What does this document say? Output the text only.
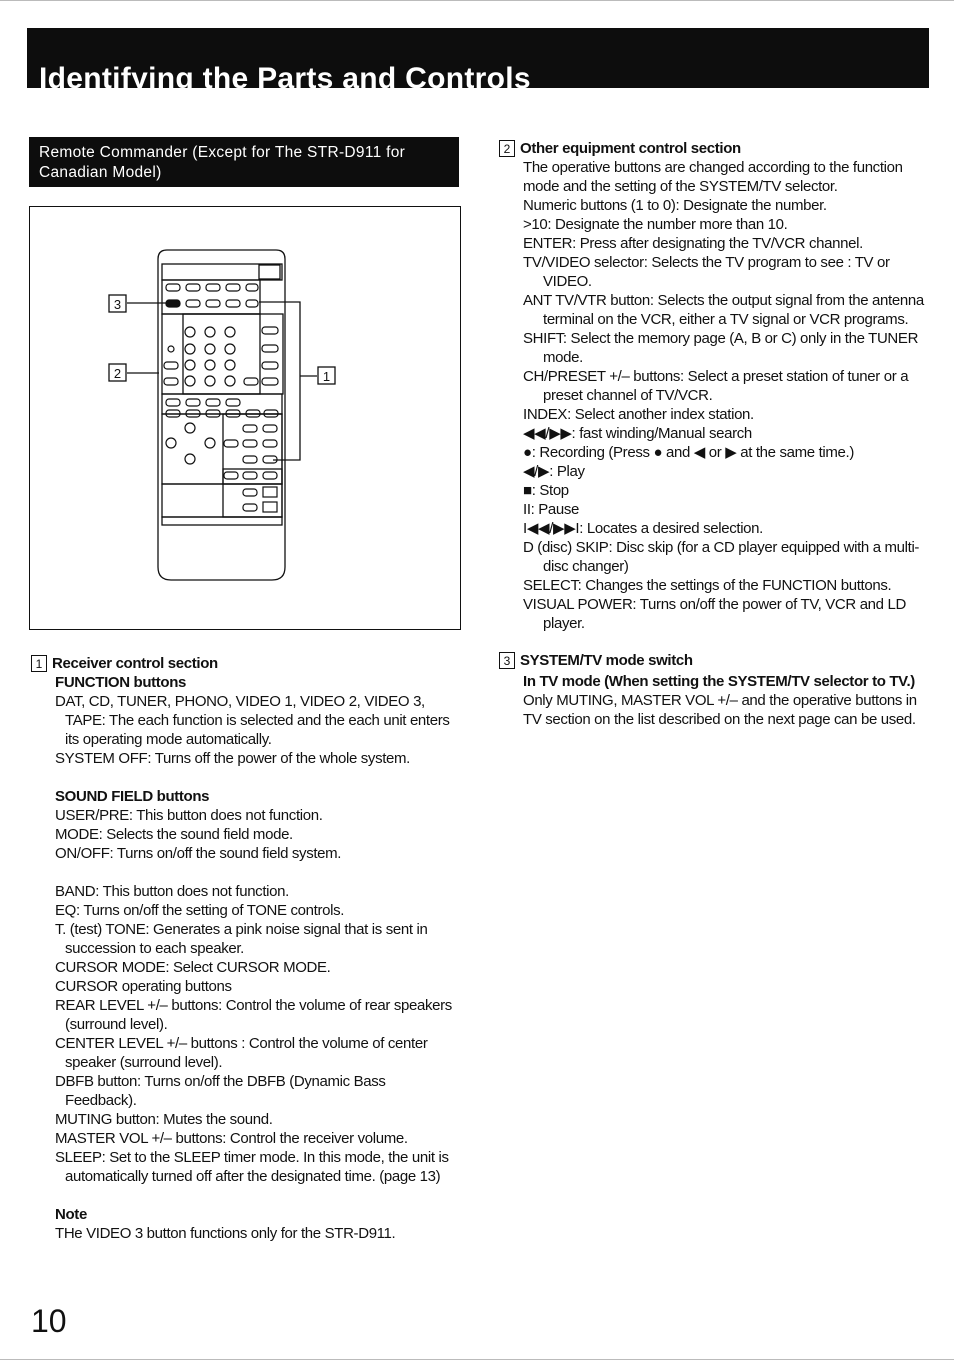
Identifying the Parts and Controls
Remote Commander (Except for The STR-D911 for Canadian Model)
3
2	1
1 Receiver control section

FUNCTION buttons

DAT, CD, TUNER, PHONO, VIDEO 1, VIDEO 2, VIDEO 3, TAPE: The each function is selected and the each unit enters its operating mode automatically.

SYSTEM OFF: Turns off the power of the whole system.

SOUND FIELD buttons

USER/PRE: This button does not function.

MODE: Selects the sound field mode.

ON/OFF: Turns on/off the sound field system.

BAND: This button does not function.

EQ: Turns on/off the setting of TONE controls.

T. (test) TONE: Generates a pink noise signal that is sent in succession to each speaker.

CURSOR MODE: Select CURSOR MODE.

CURSOR operating buttons

REAR LEVEL +/– buttons: Control the volume of rear speakers (surround level).

CENTER LEVEL +/– buttons : Control the volume of center speaker (surround level).

DBFB button: Turns on/off the DBFB (Dynamic Bass Feedback).

MUTING button: Mutes the sound.

MASTER VOL +/– buttons: Control the receiver volume.

SLEEP: Set to the SLEEP timer mode. In this mode, the unit is automatically turned off after the designated time. (page 13)

Note

THe VIDEO 3 button functions only for the STR-D911.

2 Other equipment control section

The operative buttons are changed according to the function mode and the setting of the SYSTEM/TV selector.

Numeric buttons (1 to 0): Designate the number.

>10: Designate the number more than 10.

ENTER: Press after designating the TV/VCR channel.

TV/VIDEO selector: Selects the TV program to see : TV or VIDEO.

ANT TV/VTR button: Selects the output signal from the antenna terminal on the VCR, either a TV signal or VCR programs.

SHIFT: Select the memory page (A, B or C) only in the TUNER mode.

CH/PRESET +/– buttons: Select a preset station of tuner or a preset channel of TV/VCR.

INDEX: Select another index station.

◀◀/▶▶: fast winding/Manual search

●: Recording (Press ● and ◀ or ▶ at the same time.)

◀/▶: Play

■: Stop

II: Pause

I◀◀/▶▶I: Locates a desired selection.

D (disc) SKIP: Disc skip (for a CD player equipped with a multi-disc changer)

SELECT: Changes the settings of the FUNCTION buttons.

VISUAL POWER: Turns on/off the power of TV, VCR and LD player.

3 SYSTEM/TV mode switch

In TV mode (When setting the SYSTEM/TV selector to TV.)

Only MUTING, MASTER VOL +/– and the operative buttons in TV section on the list described on the next page can be used.

10
